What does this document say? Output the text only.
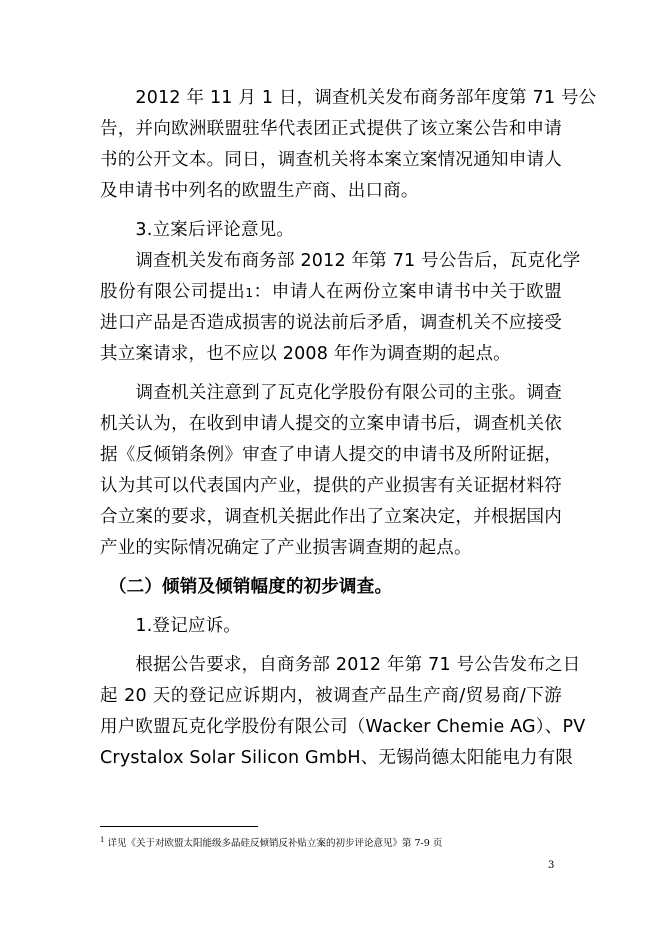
　　2012 年 11 月 1 日，调查机关发布商务部年度第 71 号公
告，并向欧洲联盟驻华代表团正式提供了该立案公告和申请
书的公开文本。同日，调查机关将本案立案情况通知申请人
及申请书中列名的欧盟生产商、出口商。
　　3.立案后评论意见。
　　调查机关发布商务部 2012 年第 71 号公告后，瓦克化学
股份有限公司提出1：申请人在两份立案申请书中关于欧盟
进口产品是否造成损害的说法前后矛盾，调查机关不应接受
其立案请求，也不应以 2008 年作为调查期的起点。
　　调查机关注意到了瓦克化学股份有限公司的主张。调查
机关认为，在收到申请人提交的立案申请书后，调查机关依
据《反倾销条例》审查了申请人提交的申请书及所附证据，
认为其可以代表国内产业，提供的产业损害有关证据材料符
合立案的要求，调查机关据此作出了立案决定，并根据国内
产业的实际情况确定了产业损害调查期的起点。
　（二）倾销及倾销幅度的初步调查。
　　1.登记应诉。
　　根据公告要求，自商务部 2012 年第 71 号公告发布之日
起 20 天的登记应诉期内，被调查产品生产商/贸易商/下游
用户欧盟瓦克化学股份有限公司（Wacker Chemie AG）、PV
Crystalox Solar Silicon GmbH、无锡尚德太阳能电力有限
$^1$ 详见《关于对欧盟太阳能级多晶硅反倾销反补贴立案的初步评论意见》第 7-9 页
3
